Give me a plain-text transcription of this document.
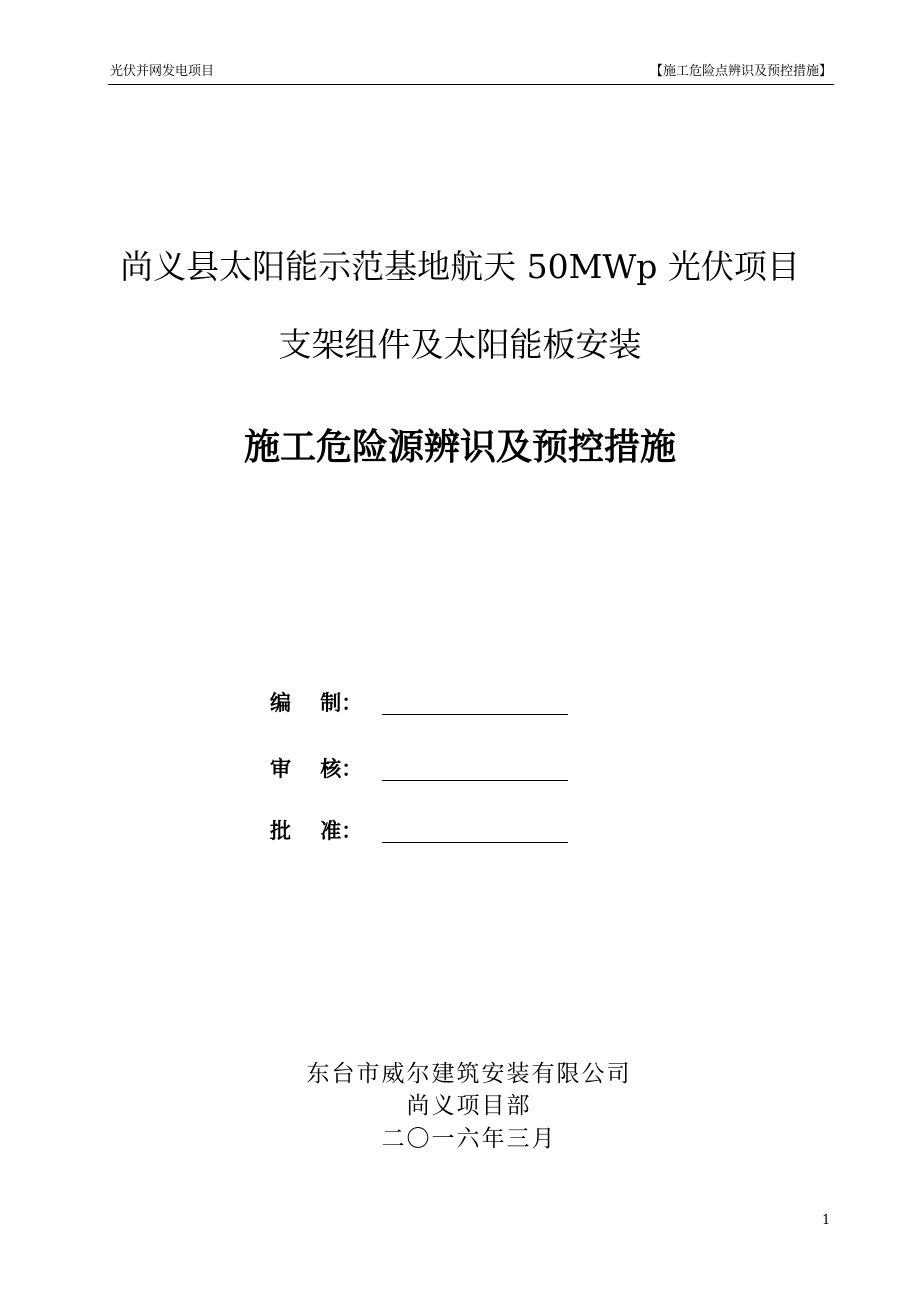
光伏并网发电项目	【施工危险点辨识及预控措施】
尚义县太阳能示范基地航天 50MWp 光伏项目
支架组件及太阳能板安装
施工危险源辨识及预控措施
编    制：
审    核：
批    准：
东台市威尔建筑安装有限公司
尚义项目部
二〇一六年三月
1
